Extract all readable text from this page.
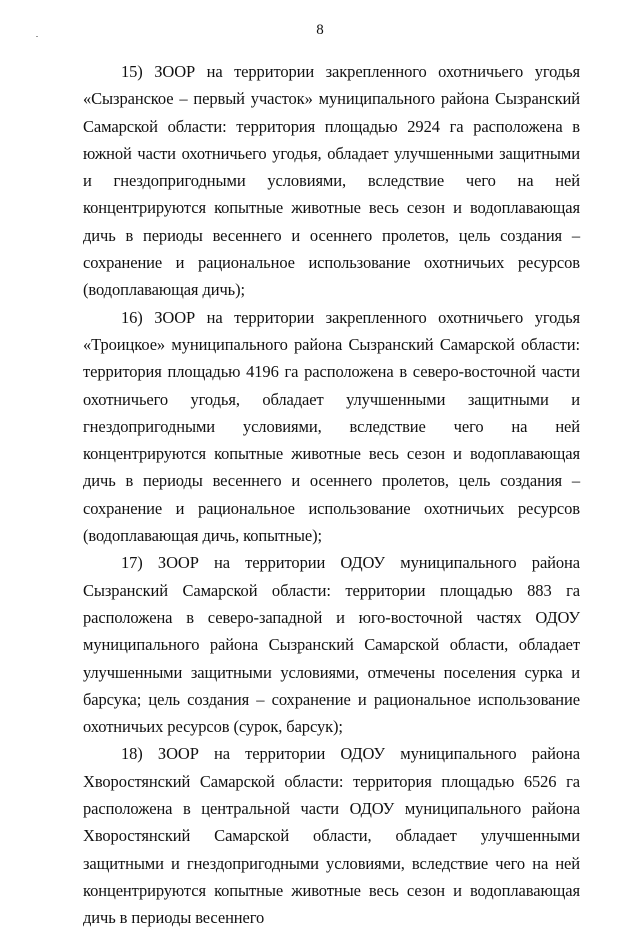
8

15) ЗООР на территории закрепленного охотничьего угодья «Сызранское – первый участок» муниципального района Сызранский Самарской области: территория площадью 2924 га расположена в южной части охотничьего угодья, обладает улучшенными защитными и гнездопригодными условиями, вследствие чего на ней концентрируются копытные животные весь сезон и водоплавающая дичь в периоды весеннего и осеннего пролетов, цель создания – сохранение и рациональное использование охотничьих ресурсов (водоплавающая дичь);

16) ЗООР на территории закрепленного охотничьего угодья «Троицкое» муниципального района Сызранский Самарской области: территория площадью 4196 га расположена в северо-восточной части охотничьего угодья, обладает улучшенными защитными и гнездопригодными условиями, вследствие чего на ней концентрируются копытные животные весь сезон и водоплавающая дичь в периоды весеннего и осеннего пролетов, цель создания – сохранение и рациональное использование охотничьих ресурсов (водоплавающая дичь, копытные);

17) ЗООР на территории ОДОУ муниципального района Сызранский Самарской области: территории площадью 883 га расположена в северо-западной и юго-восточной частях ОДОУ муниципального района Сызранский Самарской области, обладает улучшенными защитными условиями, отмечены поселения сурка и барсука; цель создания – сохранение и рациональное использование охотничьих ресурсов (сурок, барсук);

18) ЗООР на территории ОДОУ муниципального района Хворостянский Самарской области: территория площадью 6526 га расположена в центральной части ОДОУ муниципального района Хворостянский Самарской области, обладает улучшенными защитными и гнездопригодными условиями, вследствие чего на ней концентрируются копытные животные весь сезон и водоплавающая дичь в периоды весеннего
